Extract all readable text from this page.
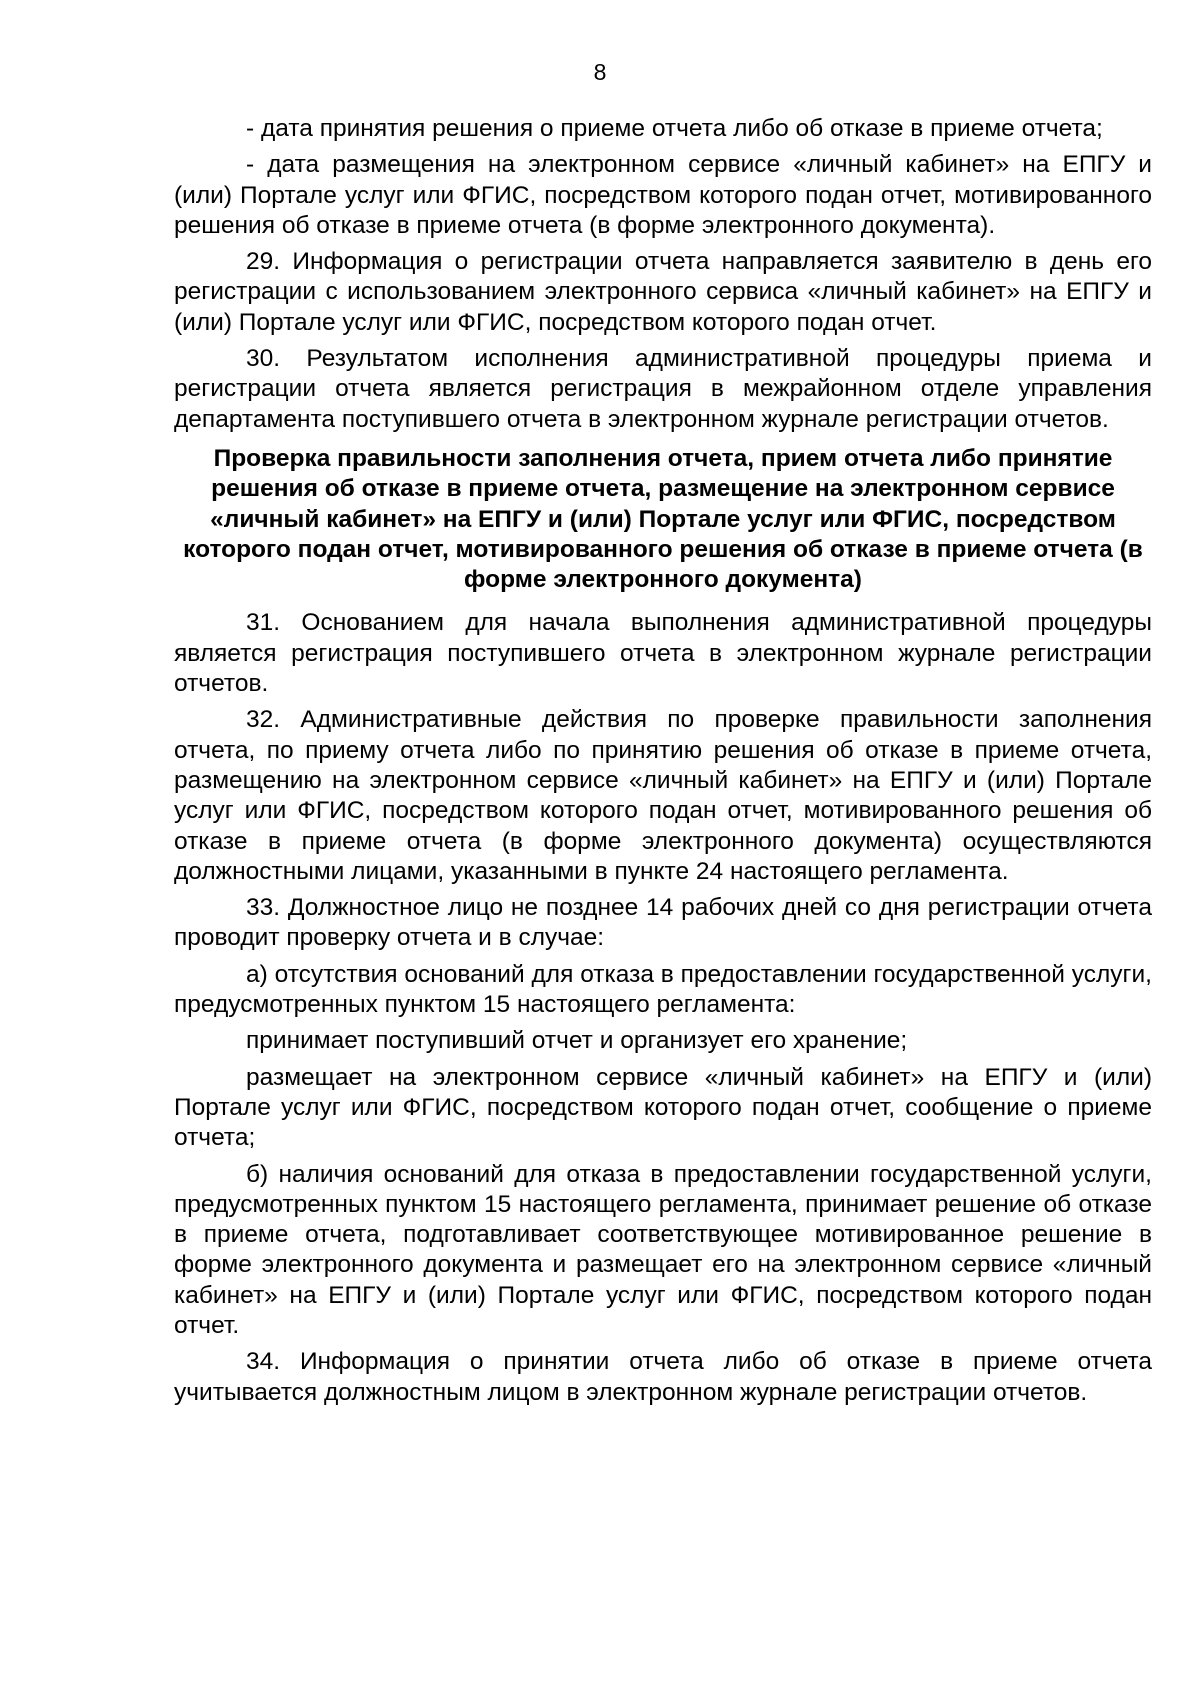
8

- дата принятия решения о приеме отчета либо об отказе в приеме отчета;

- дата размещения на электронном сервисе «личный кабинет» на ЕПГУ и (или) Портале услуг или ФГИС, посредством которого подан отчет, мотивированного решения об отказе в приеме отчета (в форме электронного документа).

29. Информация о регистрации отчета направляется заявителю в день его регистрации с использованием электронного сервиса «личный кабинет» на ЕПГУ и (или) Портале услуг или ФГИС, посредством которого подан отчет.

30. Результатом исполнения административной процедуры приема и регистрации отчета является регистрация в межрайонном отделе управления департамента поступившего отчета в электронном журнале регистрации отчетов.

Проверка правильности заполнения отчета, прием отчета либо принятие решения об отказе в приеме отчета, размещение на электронном сервисе «личный кабинет» на ЕПГУ и (или) Портале услуг или ФГИС, посредством которого подан отчет, мотивированного решения об отказе в приеме отчета (в форме электронного документа)

31. Основанием для начала выполнения административной процедуры является регистрация поступившего отчета в электронном журнале регистрации отчетов.

32. Административные действия по проверке правильности заполнения отчета, по приему отчета либо по принятию решения об отказе в приеме отчета, размещению на электронном сервисе «личный кабинет» на ЕПГУ и (или) Портале услуг или ФГИС, посредством которого подан отчет, мотивированного решения об отказе в приеме отчета (в форме электронного документа) осуществляются должностными лицами, указанными в пункте 24 настоящего регламента.

33. Должностное лицо не позднее 14 рабочих дней со дня регистрации отчета проводит проверку отчета и в случае:

а) отсутствия оснований для отказа в предоставлении государственной услуги, предусмотренных пунктом 15 настоящего регламента:

принимает поступивший отчет и организует его хранение;

размещает на электронном сервисе «личный кабинет» на ЕПГУ и (или) Портале услуг или ФГИС, посредством которого подан отчет, сообщение о приеме отчета;

б) наличия оснований для отказа в предоставлении государственной услуги, предусмотренных пунктом 15 настоящего регламента, принимает решение об отказе в приеме отчета, подготавливает соответствующее мотивированное решение в форме электронного документа и размещает его на электронном сервисе «личный кабинет» на ЕПГУ и (или) Портале услуг или ФГИС, посредством которого подан отчет.

34. Информация о принятии отчета либо об отказе в приеме отчета учитывается должностным лицом в электронном журнале регистрации отчетов.
